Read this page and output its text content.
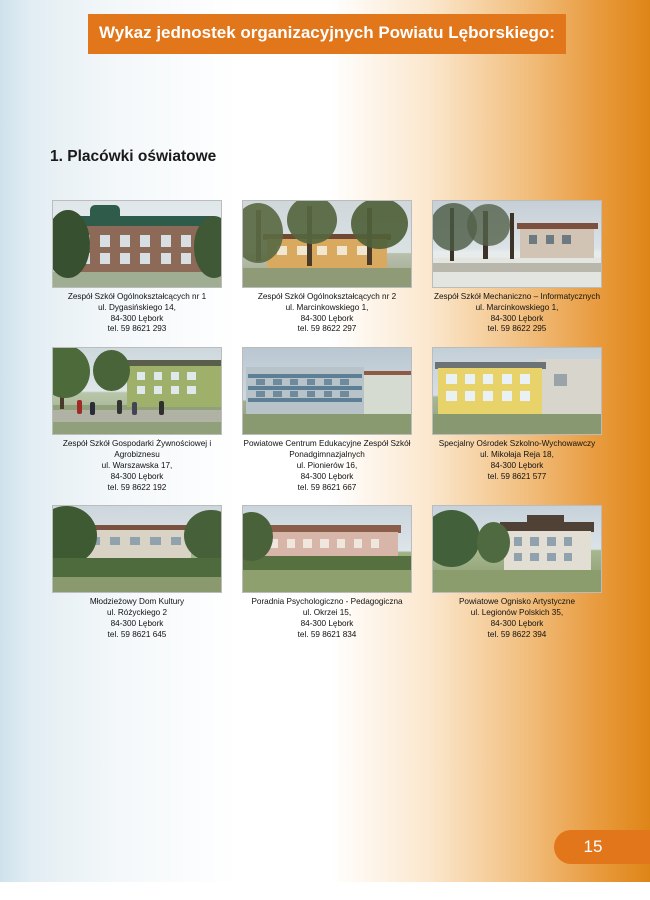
Wykaz jednostek organizacyjnych Powiatu Lęborskiego:
1. Placówki oświatowe
Zespół Szkół Ogólnokształcących nr 1
ul. Dygasińskiego 14,
84-300 Lębork
tel. 59 8621 293
Zespół Szkół Ogólnokształcących nr 2
ul. Marcinkowskiego 1,
84-300 Lębork
tel. 59 8622 297
Zespół Szkół Mechaniczno – Informatycznych
ul. Marcinkowskiego 1,
84-300 Lębork
tel. 59 8622 295
Zespół Szkół Gospodarki Żywnościowej i Agrobiznesu
ul. Warszawska 17,
84-300 Lębork
tel. 59 8622 192
Powiatowe Centrum Edukacyjne Zespół Szkół Ponadgimnazjalnych
ul. Pionierów 16,
84-300 Lębork
tel. 59 8621 667
Specjalny Ośrodek Szkolno-Wychowawczy
ul. Mikołaja Reja 18,
84-300 Lębork
tel. 59 8621 577
Młodzieżowy Dom Kultury
ul. Różyckiego 2
84-300 Lębork
tel. 59 8621 645
Poradnia Psychologiczno - Pedagogiczna
ul. Okrzei 15,
84-300 Lębork
tel. 59 8621 834
Powiatowe Ognisko Artystyczne
ul. Legionów Polskich 35,
84-300 Lębork
tel. 59 8622 394
15
